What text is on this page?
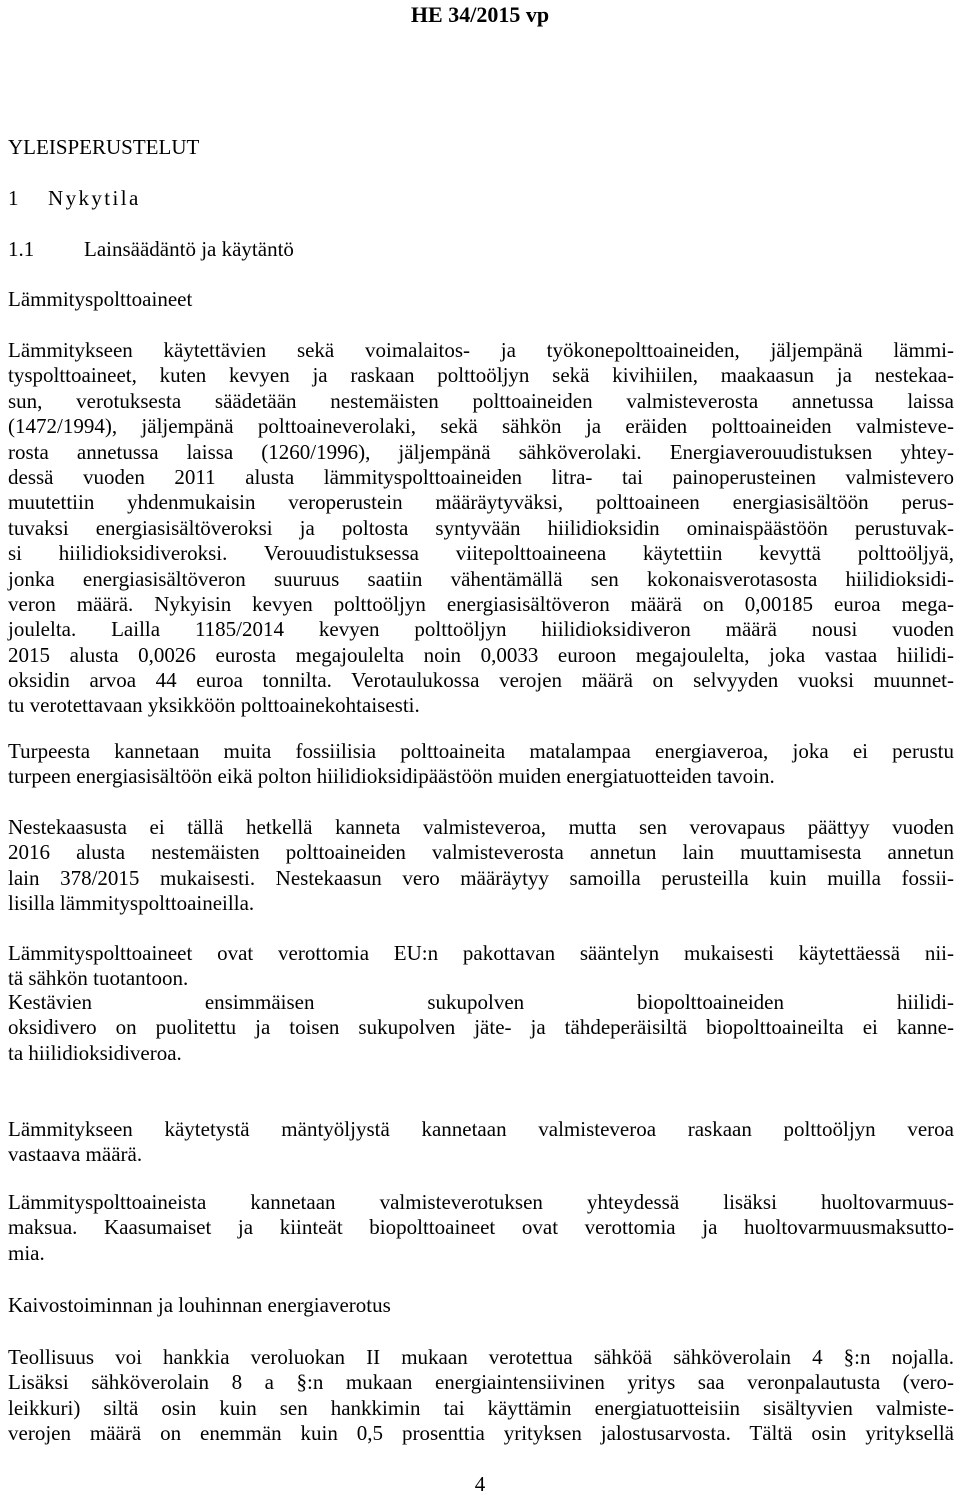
HE 34/2015 vp
YLEISPERUSTELUT
1 Nykytila
1.1 Lainsäädäntö ja käytäntö
Lämmityspolttoaineet
Lämmitykseen käytettävien sekä voimalaitos- ja työkonepolttoaineiden, jäljempänä lämmi-
tyspolttoaineet, kuten kevyen ja raskaan polttoöljyn sekä kivihiilen, maakaasun ja nestekaa-
sun, verotuksesta säädetään nestemäisten polttoaineiden valmisteverosta annetussa laissa
(1472/1994), jäljempänä polttoaineverolaki, sekä sähkön ja eräiden polttoaineiden valmisteve-
rosta annetussa laissa (1260/1996), jäljempänä sähköverolaki. Energiaverouudistuksen yhtey-
dessä vuoden 2011 alusta lämmityspolttoaineiden litra- tai painoperusteinen valmistevero
muutettiin yhdenmukaisin veroperustein määräytyväksi, polttoaineen energiasisältöön perus-
tuvaksi energiasisältöveroksi ja poltosta syntyvään hiilidioksidin ominaispäästöön perustuvak-
si hiilidioksidiveroksi. Verouudistuksessa viitepolttoaineena käytettiin kevyttä polttoöljyä,
jonka energiasisältöveron suuruus saatiin vähentämällä sen kokonaisverotasosta hiilidioksidi-
veron määrä. Nykyisin kevyen polttoöljyn energiasisältöveron määrä on 0,00185 euroa mega-
joulelta. Lailla 1185/2014 kevyen polttoöljyn hiilidioksidiveron määrä nousi vuoden
2015 alusta 0,0026 eurosta megajoulelta noin 0,0033 euroon megajoulelta, joka vastaa hiilidi-
oksidin arvoa 44 euroa tonnilta. Verotaulukossa verojen määrä on selvyyden vuoksi muunnet-
tu verotettavaan yksikköön polttoainekohtaisesti.
Turpeesta kannetaan muita fossiilisia polttoaineita matalampaa energiaveroa, joka ei perustu
turpeen energiasisältöön eikä polton hiilidioksidipäästöön muiden energiatuotteiden tavoin.
Nestekaasusta ei tällä hetkellä kanneta valmisteveroa, mutta sen verovapaus päättyy vuoden
2016 alusta nestemäisten polttoaineiden valmisteverosta annetun lain muuttamisesta annetun
lain 378/2015 mukaisesti. Nestekaasun vero määräytyy samoilla perusteilla kuin muilla fossii-
lisilla lämmityspolttoaineilla.
Lämmityspolttoaineet ovat verottomia EU:n pakottavan sääntelyn mukaisesti käytettäessä nii-
tä sähkön tuotantoon.
Kestävien ensimmäisen sukupolven biopolttoaineiden hiilidi-
oksidivero on puolitettu ja toisen sukupolven jäte- ja tähdeperäisiltä biopolttoaineilta ei kanne-
ta hiilidioksidiveroa.
Lämmitykseen käytetystä mäntyöljystä kannetaan valmisteveroa raskaan polttoöljyn veroa
vastaava määrä.
Lämmityspolttoaineista kannetaan valmisteverotuksen yhteydessä lisäksi huoltovarmuus-
maksua. Kaasumaiset ja kiinteät biopolttoaineet ovat verottomia ja huoltovarmuusmaksutto-
mia.
Kaivostoiminnan ja louhinnan energiaverotus
Teollisuus voi hankkia veroluokan II mukaan verotettua sähköä sähköverolain 4 §:n nojalla.
Lisäksi sähköverolain 8 a §:n mukaan energiaintensiivinen yritys saa veronpalautusta (vero-
leikkuri) siltä osin kuin sen hankkimin tai käyttämin energiatuotteisiin sisältyvien valmiste-
verojen määrä on enemmän kuin 0,5 prosenttia yrityksen jalostusarvosta. Tältä osin yrityksellä
4
